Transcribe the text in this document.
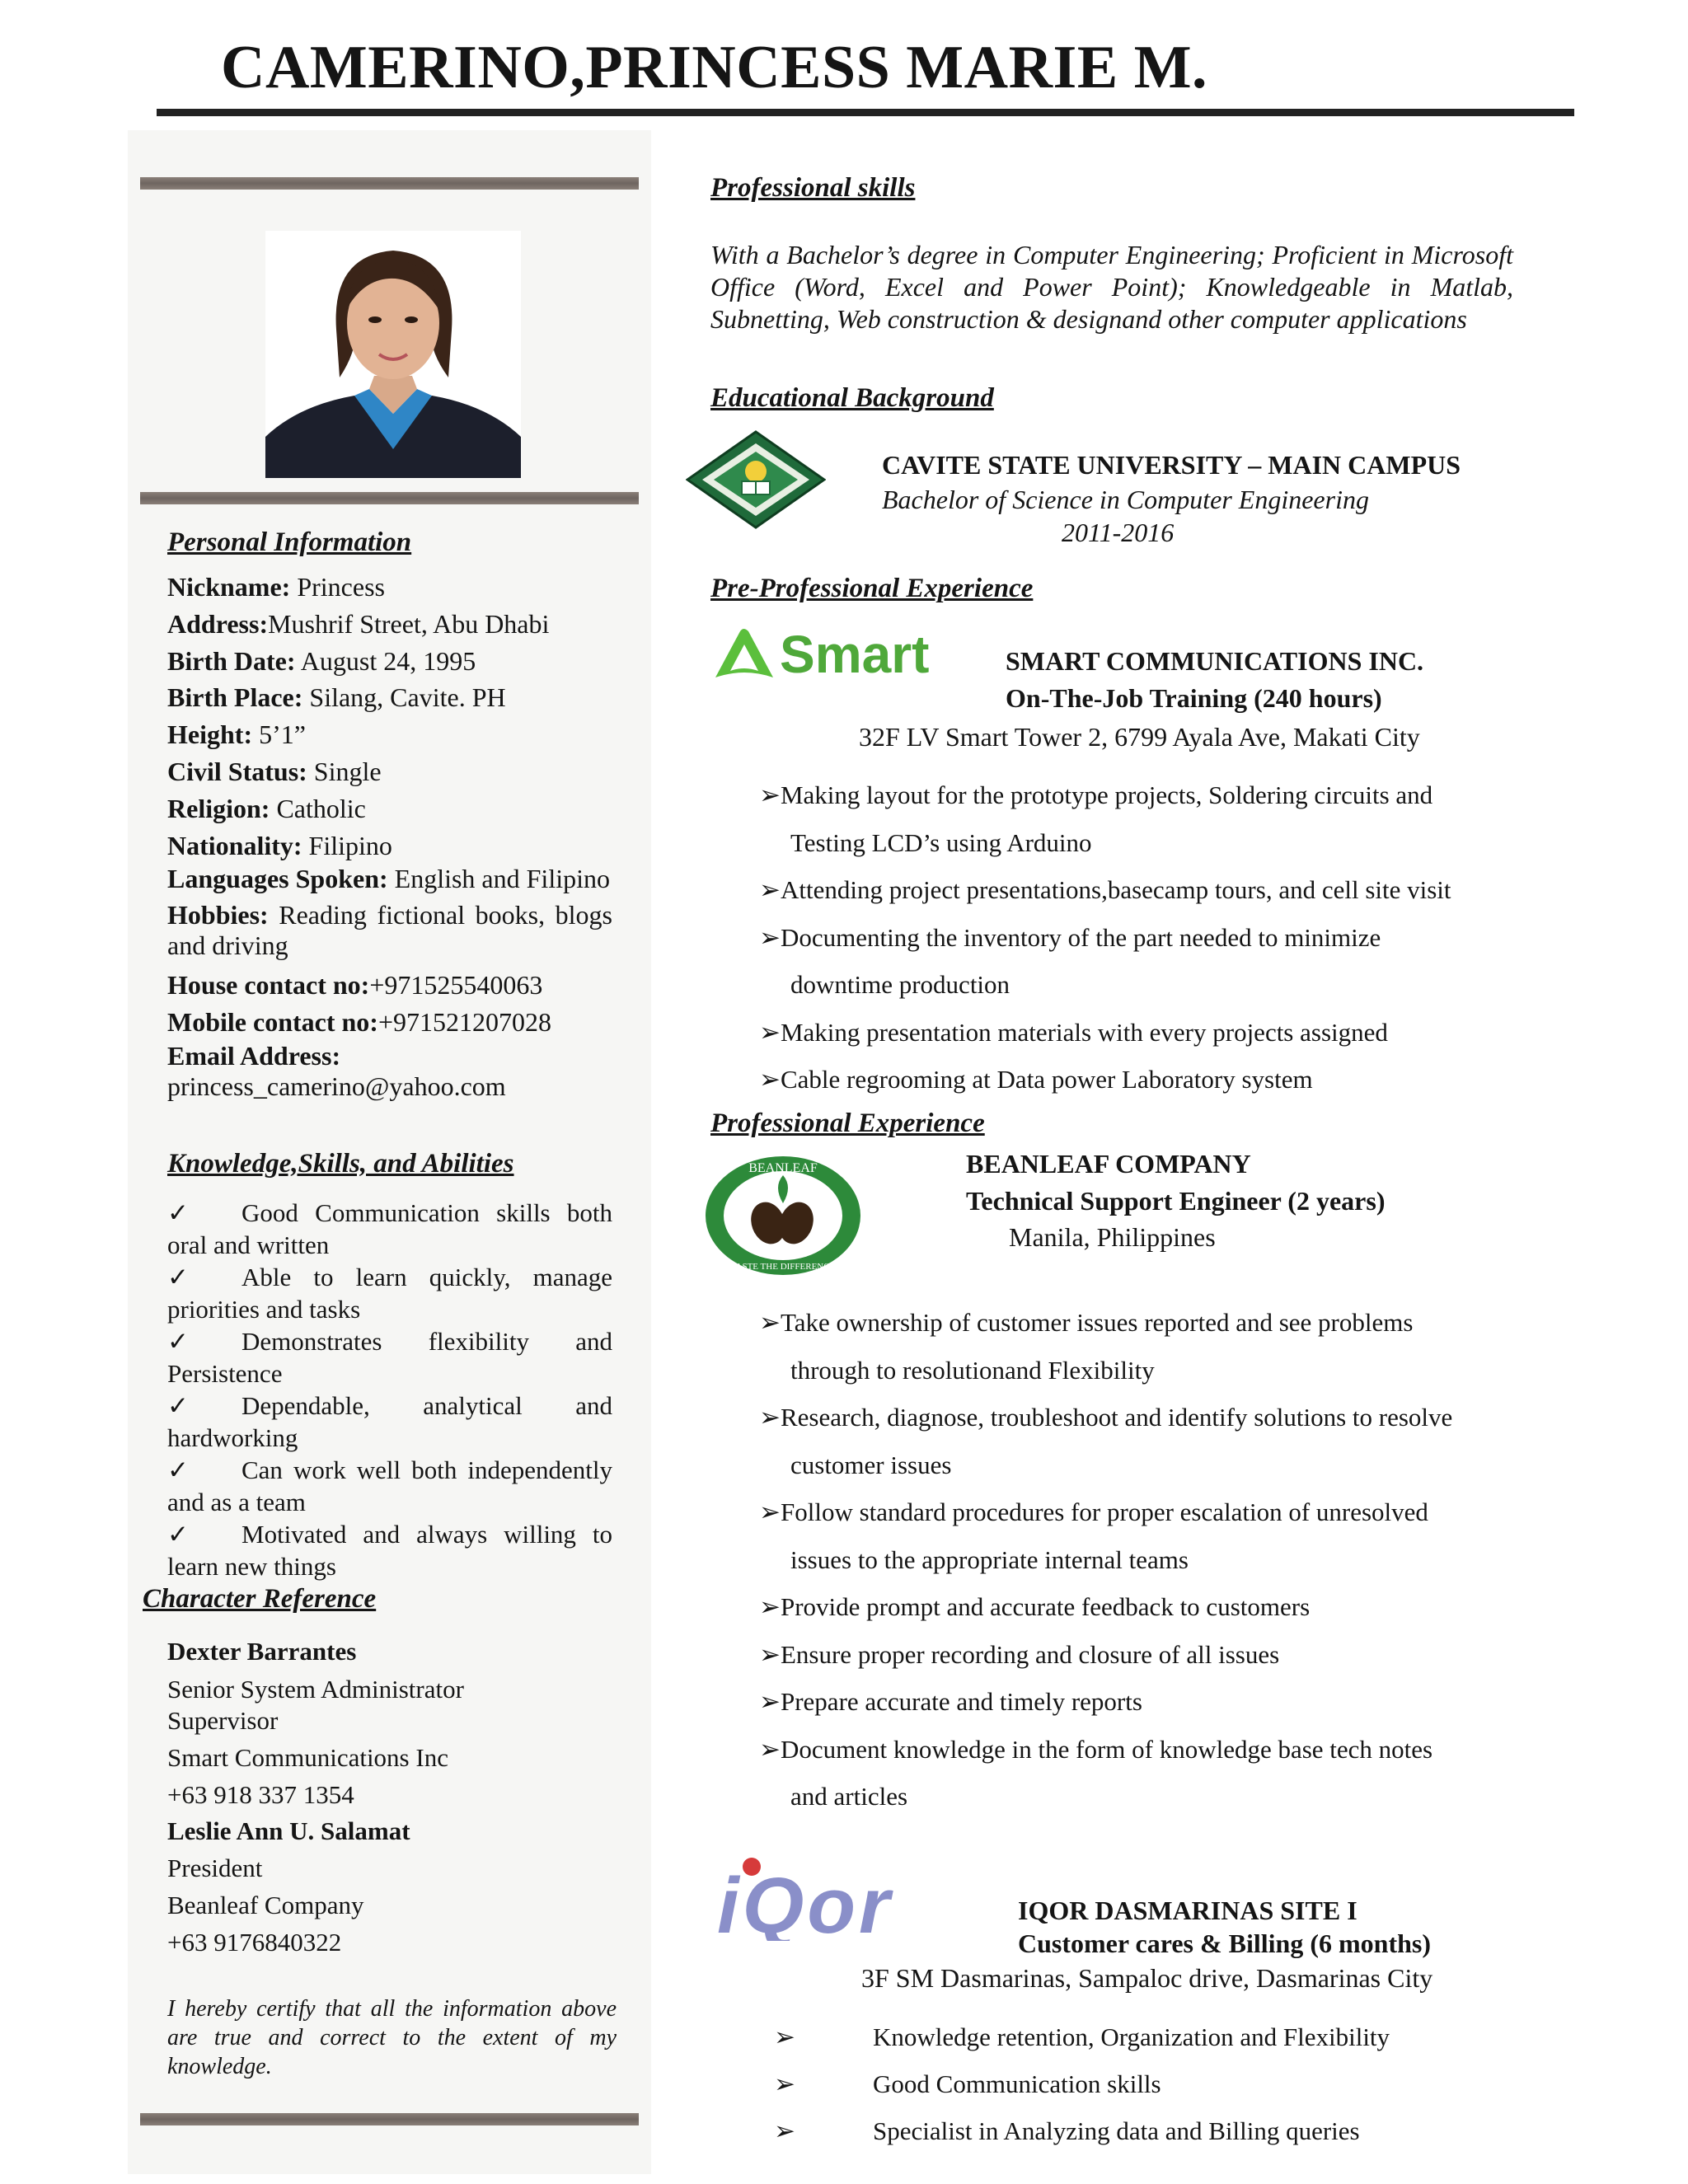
CAMERINO,PRINCESS MARIE M.
Personal Information
Nickname: Princess
Address:Mushrif Street, Abu Dhabi
Birth Date: August 24, 1995
Birth Place: Silang, Cavite. PH
Height: 5’1”
Civil Status: Single
Religion: Catholic
Nationality: Filipino
Languages Spoken: English and Filipino
Hobbies: Reading fictional books, blogs and driving
House contact no:+971525540063
Mobile contact no:+971521207028
Email Address:
princess_camerino@yahoo.com
Knowledge,Skills, and Abilities
✓ Good Communication skills both oral and written
✓ Able to learn quickly, manage priorities and tasks
✓ Demonstrates flexibility and Persistence
✓ Dependable, analytical and hardworking
✓ Can work well both independently and as a team
✓ Motivated and always willing to learn new things
Character Reference
Dexter Barrantes
Senior System Administrator
Supervisor
Smart Communications Inc
+63 918 337 1354
Leslie Ann U. Salamat
President
Beanleaf Company
+63 9176840322
I hereby certify that all the information above are true and correct to the extent of my knowledge.
Professional skills
With a Bachelor’s degree in Computer Engineering; Proficient in Microsoft Office (Word, Excel and Power Point); Knowledgeable in Matlab, Subnetting, Web construction & designand other computer applications
Educational Background
CAVITE STATE UNIVERSITY – MAIN CAMPUS
Bachelor of Science in Computer Engineering
2011-2016
Pre-Professional Experience
Smart	SMART COMMUNICATIONS INC.
On-The-Job Training (240 hours)
32F LV Smart Tower 2, 6799 Ayala Ave, Makati City
➢Making layout for the prototype projects, Soldering circuits and
Testing LCD’s using Arduino
➢Attending project presentations,basecamp tours, and cell site visit
➢Documenting the inventory of the part needed to minimize
downtime production
➢Making presentation materials with every projects assigned
➢Cable regrooming at Data power Laboratory system
Professional Experience
BEANLEAF
TASTE THE DIFFERENCE
BEANLEAF COMPANY
Technical Support Engineer (2 years)
Manila, Philippines
➢Take ownership of customer issues reported and see problems
through to resolutionand Flexibility
➢Research, diagnose, troubleshoot and identify solutions to resolve
customer issues
➢Follow standard procedures for proper escalation of unresolved
issues to the appropriate internal teams
➢Provide prompt and accurate feedback to customers
➢Ensure proper recording and closure of all issues
➢Prepare accurate and timely reports
➢Document knowledge in the form of knowledge base tech notes
and articles
iQor	IQOR DASMARINAS SITE I
Customer cares & Billing (6 months)
3F SM Dasmarinas, Sampaloc drive, Dasmarinas City
➢	Knowledge retention, Organization and Flexibility
➢	Good Communication skills
➢	Specialist in Analyzing data and Billing queries
